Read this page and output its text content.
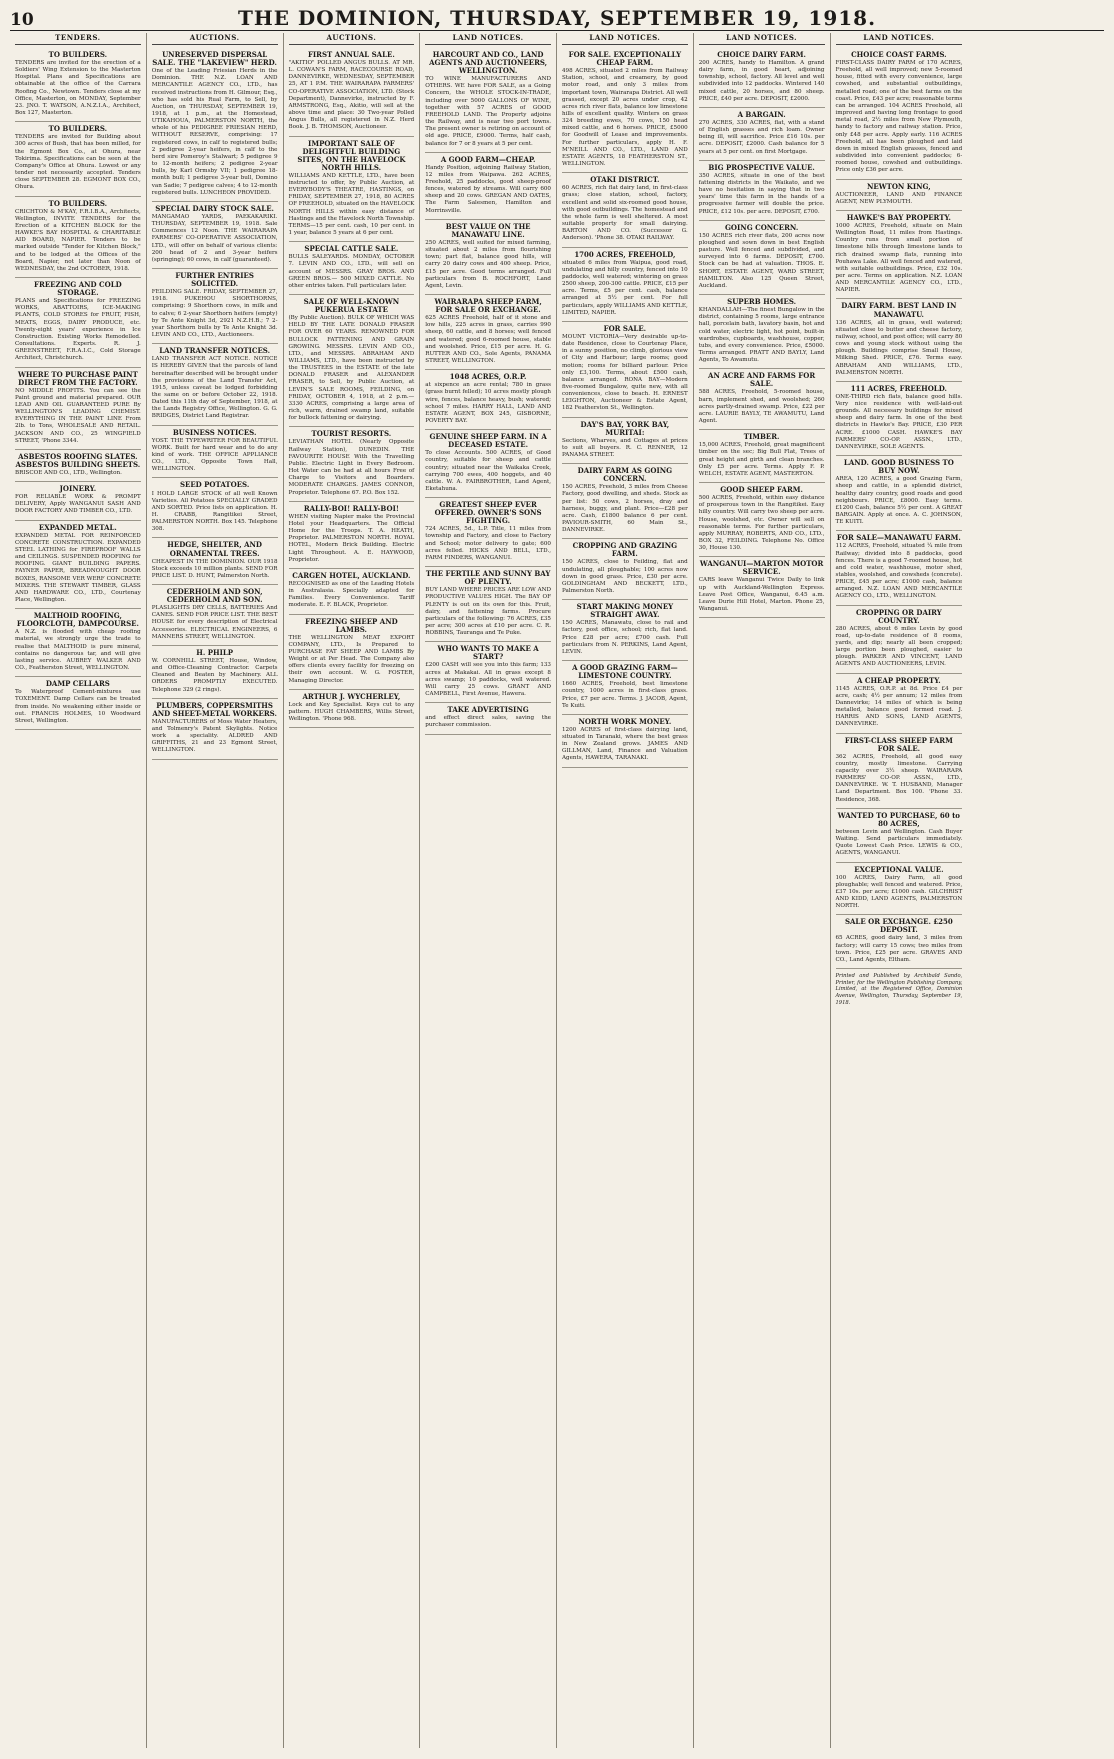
10	THE DOMINION, THURSDAY, SEPTEMBER 19, 1918.
TENDERS.
TO BUILDERS.

TENDERS are invited for the erection of a Soldiers' Wing Extension to the Masterton Hospital. Plans and Specifications are obtainable at the office of the Carrara Roofing Co., Newtown. Tenders close at my Office, Masterton, on MONDAY, September 23. JNO. T. WATSON, A.N.Z.I.A., Architect, Box 127, Masterton.

TO BUILDERS.

TENDERS are invited for Building about 300 acres of Bush, that has been milled, for the Egmont Box Co., at Ohura, near Tokirima. Specifications can be seen at the Company's Office at Ohura. Lowest or any tender not necessarily accepted. Tenders close SEPTEMBER 28. EGMONT BOX CO., Ohura.

TO BUILDERS.

CRICHTON & M'KAY, F.R.I.B.A., Architects, Wellington, INVITE TENDERS for the Erection of a KITCHEN BLOCK for the HAWKE'S BAY HOSPITAL & CHARITABLE AID BOARD, NAPIER. Tenders to be marked outside "Tender for Kitchen Block," and to be lodged at the Offices of the Board, Napier, not later than Noon of WEDNESDAY, the 2nd OCTOBER, 1918.

FREEZING AND COLD STORAGE.

PLANS and Specifications for FREEZING WORKS, ABATTOIRS, ICE-MAKING PLANTS, COLD STORES for FRUIT, FISH, MEATS, EGGS, DAIRY PRODUCE, etc. Twenty-eight years' experience in Ice Construction. Existing Works Remodelled. Consultations. Experts. R. J. GREENSTREET, F.R.A.I.C., Cold Storage Architect, Christchurch.

WHERE TO PURCHASE PAINT DIRECT FROM THE FACTORY.

NO MIDDLE PROFITS. You can see the Paint ground and material prepared. OUR LEAD AND OIL GUARANTEED PURE By WELLINGTON'S LEADING CHEMIST. EVERYTHING IN THE PAINT LINE From 2lb. to Tons, WHOLESALE AND RETAIL. JACKSON AND CO., 25 WINGFIELD STREET, 'Phone 3344.

ASBESTOS ROOFING SLATES. ASBESTOS BUILDING SHEETS.

BRISCOE AND CO., LTD., Wellington.

JOINERY.

FOR RELIABLE WORK & PROMPT DELIVERY, Apply WANGANUI SASH AND DOOR FACTORY AND TIMBER CO., LTD.

EXPANDED METAL.

EXPANDED METAL FOR REINFORCED CONCRETE CONSTRUCTION. EXPANDED STEEL LATHING for FIREPROOF WALLS and CEILINGS. SUSPENDED ROOFING for ROOFING. GIANT BUILDING PAPERS. FAYNER PAPER, BREADNOUGHT DOOR BOXES, RANSOME VER WERF CONCRETE MIXERS. THE STEWART TIMBER, GLASS AND HARDWARE CO., LTD., Courtenay Place, Wellington.

MALTHOID ROOFING, FLOORCLOTH, DAMPCOURSE.

A N.Z. is flooded with cheap roofing material, we strongly urge the trade to realise that MALTHOID is pure mineral, contains no dangerous tar, and will give lasting service. AUBREY WALKER AND CO., Featherston Street, WELLINGTON.

DAMP CELLARS

To Waterproof Cement-mixtures use TOXEMENT. Damp Cellars can be treated from inside. No weakening either inside or out. FRANCIS HOLMES, 10 Woodward Street, Wellington.

AUCTIONS.
UNRESERVED DISPERSAL SALE. THE "LAKEVIEW" HERD.

One of the Leading Friesian Herds in the Dominion. THE N.Z. LOAN AND MERCANTILE AGENCY CO., LTD., has received instructions from H. Gilmour, Esq., who has sold his Rual Farm, to Sell, by Auction, on THURSDAY, SEPTEMBER 19, 1918, at 1 p.m., at the Homestead, UTIKAHOUA, PALMERSTON NORTH, the whole of his PEDIGREE FRIESIAN HERD, WITHOUT RESERVE, comprising: 17 registered cows, in calf to registered bulls; 2 pedigree 2-year heifers, in calf to the herd sire Pomeroy's Stalwart; 5 pedigree 9 to 12-month heifers; 2 pedigree 2-year bulls, by Karl Ormsby VII; 1 pedigree 18-month bull; 1 pedigree 3-year bull, Domino van Sadie; 7 pedigree calves; 4 to 12-month registered bulls. LUNCHEON PROVIDED.

SPECIAL DAIRY STOCK SALE.

MANGAMAO YARDS, PAEKAKARIKI. THURSDAY, SEPTEMBER 19, 1918. Sale Commences 12 Noon. THE WAIRARAPA FARMERS' CO-OPERATIVE ASSOCIATION, LTD., will offer on behalf of various clients: 200 head of 2 and 3-year heifers (springing); 60 cows, in calf (guaranteed).

FURTHER ENTRIES SOLICITED.

FEILDING SALE. FRIDAY, SEPTEMBER 27, 1918. PUKEHOU SHORTHORNS, comprising: 9 Shorthorn cows, in milk and to calve; 6 2-year Shorthorn heifers (empty) by Te Ante Knight 3d, 2921 N.Z.H.B.; 7 2-year Shorthorn bulls by Te Ante Knight 3d. LEVIN AND CO., LTD., Auctioneers.

LAND TRANSFER NOTICES.

LAND TRANSFER ACT NOTICE. NOTICE IS HEREBY GIVEN that the parcels of land hereinafter described will be brought under the provisions of the Land Transfer Act, 1915, unless caveat be lodged forbidding the same on or before October 22, 1918. Dated this 11th day of September, 1918, at the Lands Registry Office, Wellington. G. G. BRIDGES, District Land Registrar.

BUSINESS NOTICES.

YOST. THE TYPEWRITER FOR BEAUTIFUL WORK. Built for hard wear and to do any kind of work. THE OFFICE APPLIANCE CO., LTD., Opposite Town Hall, WELLINGTON.

SEED POTATOES.

I HOLD LARGE STOCK of all well Known Varieties. All Potatoes SPECIALLY GRADED AND SORTED. Price lists on application. H. H. CRABB, Rangitikei Street, PALMERSTON NORTH. Box 145. Telephone 308.

HEDGE, SHELTER, AND ORNAMENTAL TREES.

CHEAPEST IN THE DOMINION. OUR 1918 Stock exceeds 10 million plants. SEND FOR PRICE LIST. D. HUNT, Palmerston North.

CEDERHOLM AND SON, CEDERHOLM AND SON.

PLASLIGHTS DRY CELLS, BATTERIES And CANES. SEND FOR PRICE LIST. THE BEST HOUSE for every description of Electrical Accessories. ELECTRICAL ENGINEERS, 6 MANNERS STREET, WELLINGTON.

H. PHILP

W. CORNHILL STREET, House, Window, and Office-Cleaning Contractor. Carpets Cleaned and Beaten by Machinery. ALL ORDERS PROMPTLY EXECUTED. Telephone 329 (2 rings).

PLUMBERS, COPPERSMITHS AND SHEET-METAL WORKERS.

MANUFACTURERS of Moss Water Heaters, and Tolmenry's Patent Skylights. Notice work a speciality. ALDRED AND GRIFFITHS, 21 and 23 Egmont Street, WELLINGTON.

AUCTIONS.
FIRST ANNUAL SALE.

"AKITIO" POLLED ANGUS BULLS. AT MR. L. COWAN'S FARM, RACECOURSE ROAD, DANNEVIRKE, WEDNESDAY, SEPTEMBER 25, AT 1 P.M. THE WAIRARAPA FARMERS' CO-OPERATIVE ASSOCIATION, LTD. (Stock Department), Dannevirke, instructed by F. ARMSTRONG, Esq., Akitio, will sell at the above time and place: 30 Two-year Polled Angus Bulls, all registered in N.Z. Herd Book. J. B. THOMSON, Auctioneer.

IMPORTANT SALE OF DELIGHTFUL BUILDING SITES, ON THE HAVELOCK NORTH HILLS.

WILLIAMS AND KETTLE, LTD., have been instructed to offer, by Public Auction, at EVERYBODY'S THEATRE, HASTINGS, on FRIDAY, SEPTEMBER 27, 1918, 80 ACRES OF FREEHOLD, situated on the HAVELOCK NORTH HILLS within easy distance of Hastings and the Havelock North Township. TERMS—15 per cent. cash, 10 per cent. in 1 year, balance 5 years at 6 per cent.

SPECIAL CATTLE SALE.

BULLS SALEYARDS. MONDAY, OCTOBER 7. LEVIN AND CO., LTD., will sell on account of MESSRS. GRAY BROS. AND GREEN BROS.— 500 MIXED CATTLE. No other entries taken. Full particulars later.

SALE OF WELL-KNOWN PUKERUA ESTATE

(By Public Auction). BULK OF WHICH WAS HELD BY THE LATE DONALD FRASER FOR OVER 60 YEARS. RENOWNED FOR BULLOCK FATTENING AND GRAIN GROWING. MESSRS. LEVIN AND CO., LTD., and MESSRS. ABRAHAM AND WILLIAMS, LTD., have been instructed by the TRUSTEES in the ESTATE of the late DONALD FRASER and ALEXANDER FRASER, to Sell, by Public Auction, at LEVIN'S SALE ROOMS, FEILDING, on FRIDAY, OCTOBER 4, 1918, at 2 p.m.— 3330 ACRES, comprising a large area of rich, warm, drained swamp land, suitable for bullock fattening or dairying.

TOURIST RESORTS.

LEVIATHAN HOTEL (Nearly Opposite Railway Station), DUNEDIN. THE FAVOURITE HOUSE With the Travelling Public. Electric Light in Every Bedroom. Hot Water can be had at all hours Free of Charge to Visitors and Boarders. MODERATE CHARGES. JAMES CONNOR, Proprietor. Telephone 67. P.O. Box 152.

RALLY-BOI! RALLY-BOI!

WHEN visiting Napier make the Provincial Hotel your Headquarters. The Official Home for the Troops. T. A. HEATH, Proprietor. PALMERSTON NORTH. ROYAL HOTEL, Modern Brick Building. Electric Light Throughout. A. E. HAYWOOD, Proprietor.

CARGEN HOTEL, AUCKLAND.

RECOGNISED as one of the Leading Hotels in Australasia. Specially adapted for Families. Every Convenience. Tariff moderate. E. F. BLACK, Proprietor.

FREEZING SHEEP AND LAMBS.

THE WELLINGTON MEAT EXPORT COMPANY, LTD., Is Prepared to PURCHASE FAT SHEEP AND LAMBS By Weight or at Per Head. The Company also offers clients every facility for freezing on their own account. W. G. FOSTER, Managing Director.

ARTHUR J. WYCHERLEY,

Lock and Key Specialist. Keys cut to any pattern. HUGH CHAMBERS, Willis Street, Wellington. 'Phone 968.

LAND NOTICES.
HARCOURT AND CO., LAND AGENTS AND AUCTIONEERS, WELLINGTON.

TO WINE MANUFACTURERS AND OTHERS. WE have FOR SALE, as a Going Concern, the WHOLE STOCK-IN-TRADE, including over 5000 GALLONS OF WINE, together with 57 ACRES of GOOD FREEHOLD LAND. The Property adjoins the Railway, and is near two port towns. The present owner is retiring on account of old age. PRICE, £9000. Terms, half cash, balance for 7 or 8 years at 5 per cent.

A GOOD FARM—CHEAP.

Handy Position, adjoining Railway Station, 12 miles from Waipawa. 262 ACRES, Freehold, 25 paddocks, good sheep-proof fences, watered by streams. Will carry 600 sheep and 20 cows. GREGAN AND OATES, The Farm Salesmen, Hamilton and Morrinsville.

BEST VALUE ON THE MANAWATU LINE.

250 ACRES, well suited for mixed farming, situated about 2 miles from flourishing town; part flat, balance good hills, will carry 20 dairy cows and 400 sheep. Price, £15 per acre. Good terms arranged. Full particulars from B. ROCHFORT, Land Agent, Levin.

WAIRARAPA SHEEP FARM, FOR SALE OR EXCHANGE.

625 ACRES Freehold, half of it stone and low hills, 225 acres in grass, carries 990 sheep, 60 cattle, and 8 horses; well fenced and watered; good 6-roomed house, stable and woolshed. Price, £15 per acre. H. G. RUTTER AND CO., Sole Agents, PANAMA STREET, WELLINGTON.

1048 ACRES, O.R.P.

at sixpence an acre rental; 780 in grass (grass burnt felled); 10 acres mostly plough wire, fences, balance heavy, bush; watered; school 7 miles. HARRY HALL, LAND AND ESTATE AGENT, BOX 245, GISBORNE, POVERTY BAY.

GENUINE SHEEP FARM. IN A DECEASED ESTATE.

To close Accounts. 500 ACRES, of Good country, suitable for sheep and cattle country; situated near the Waikaka Creek, carrying 700 ewes, 400 hoggets, and 40 cattle. W. A. FAIRBROTHER, Land Agent, Eketahuna.

GREATEST SHEEP EVER OFFERED. OWNER'S SONS FIGHTING.

724 ACRES, 5d., L.P. Title, 11 miles from township and Factory, and close to Factory and School; motor delivery to gate; 600 acres felled. HICKS AND BELL, LTD., FARM FINDERS, WANGANUI.

THE FERTILE AND SUNNY BAY OF PLENTY.

BUY LAND WHERE PRICES ARE LOW AND PRODUCTIVE VALUES HIGH. The BAY OF PLENTY is out on its own for this. Fruit, dairy, and fattening farms. Procure particulars of the following: 76 ACRES, £35 per acre; 300 acres at £10 per acre. C. R. ROBBINS, Tauranga and Te Puke.

WHO WANTS TO MAKE A START?

£200 CASH will see you into this farm; 133 acres at Makakai. All in grass except 8 acres swamp; 10 paddocks, well watered. Will carry 25 cows. GRANT AND CAMPBELL, First Avenue, Hawera.

TAKE ADVERTISING

and effect direct sales, saving the purchaser commission.

LAND NOTICES.
FOR SALE. EXCEPTIONALLY CHEAP FARM.

498 ACRES, situated 2 miles from Railway Station, school, and creamery, by good motor road, and only 3 miles from important town, Wairarapa District. All well grassed, except 20 acres under crop, 42 acres rich river flats, balance low limestone hills of excellent quality. Winters on grass 324 breeding ewes, 70 cows, 150 head mixed cattle, and 6 horses. PRICE, £5000 for Goodwill of Lease and improvements. For further particulars, apply H. F. M'NEILL AND CO., LTD., LAND AND ESTATE AGENTS, 18 FEATHERSTON ST., WELLINGTON.

OTAKI DISTRICT.

60 ACRES, rich flat dairy land, in first-class grass; close station, school, factory, excellent and solid six-roomed good house, with good outbuildings. The homestead and the whole farm is well sheltered. A most suitable property for small dairying. BARTON AND CO. (Successor G. Anderson). 'Phone 38. OTAKI RAILWAY.

1700 ACRES, FREEHOLD,

situated 6 miles from Waipua, good road, undulating and hilly country, fenced into 10 paddocks, well watered; wintering on grass 2500 sheep, 200-300 cattle. PRICE, £15 per acre. Terms, £5 per cent. cash, balance arranged at 5½ per cent. For full particulars, apply WILLIAMS AND KETTLE, LIMITED, NAPIER.

FOR SALE.

MOUNT VICTORIA—Very desirable up-to-date Residence, close to Courtenay Place, in a sunny position, no climb, glorious view of City and Harbour; large rooms; good motion; rooms for billiard parlour. Price only £3,100. Terms, about £500 cash, balance arranged. RONA BAY—Modern five-roomed Bungalow, quite new, with all conveniences, close to beach. H. ERNEST LEIGHTON, Auctioneer & Estate Agent, 182 Featherston St., Wellington.

DAY'S BAY, YORK BAY, MURITAI:

Sections, Wharves, and Cottages at prices to suit all buyers. R. C. RENNER, 12 PANAMA STREET.

DAIRY FARM AS GOING CONCERN.

150 ACRES, Freehold, 3 miles from Cheese Factory, good dwelling, and sheds. Stock as per list: 50 cows, 2 horses, dray and harness, buggy, and plant. Price—£28 per acre. Cash, £1800 balance 6 per cent. PAVIOUR-SMITH, 60 Main St., DANNEVIRKE.

CROPPING AND GRAZING FARM.

150 ACRES, close to Feilding, flat and undulating, all ploughable; 100 acres now down in good grass. Price, £30 per acre. GOLDINGHAM AND BECKETT, LTD., Palmerston North.

START MAKING MONEY STRAIGHT AWAY.

150 ACRES, Manawatu, close to rail and factory, post office, school; rich, flat land. Price £28 per acre; £700 cash. Full particulars from N. PERKINS, Land Agent, LEVIN.

A GOOD GRAZING FARM—LIMESTONE COUNTRY.

1660 ACRES, Freehold, best limestone country, 1000 acres in first-class grass. Price, £7 per acre. Terms. J. JACOB, Agent, Te Kuiti.

NORTH WORK MONEY.

1200 ACRES of first-class dairying land, situated in Taranaki, where the best grass in New Zealand grows. JAMES AND GILLMAN, Land, Finance and Valuation Agents, HAWERA, TARANAKI.

LAND NOTICES.
CHOICE DAIRY FARM.

200 ACRES, handy to Hamilton. A grand dairy farm, in good heart, adjoining township, school, factory. All level and well subdivided into 12 paddocks. Wintered 140 mixed cattle, 20 horses, and 80 sheep. PRICE, £40 per acre. DEPOSIT, £2000.

A BARGAIN.

270 ACRES, 330 ACRES, flat, with a stand of English grasses and rich loam. Owner being ill, will sacrifice. Price £16 10s. per acre. DEPOSIT, £2000. Cash balance for 5 years at 5 per cent. on first Mortgage.

BIG PROSPECTIVE VALUE.

350 ACRES, situate in one of the best fattening districts in the Waikato, and we have no hesitation in saying that in two years' time this farm in the hands of a progressive farmer will double the price. PRICE, £12 10s. per acre. DEPOSIT, £700.

GOING CONCERN.

150 ACRES rich river flats, 200 acres now ploughed and sown down in best English pasture. Well fenced and subdivided, and surveyed into 6 farms. DEPOSIT, £700. Stock can be had at valuation. THOS. E. SHORT, ESTATE AGENT, WARD STREET, HAMILTON. Also 125 Queen Street, Auckland.

SUPERB HOMES.

KHANDALLAH—The finest Bungalow in the district, containing 5 rooms, large entrance hall, porcelain bath, lavatory basin, hot and cold water, electric light, hot point, built-in wardrobes, cupboards, washhouse, copper, tubs, and every convenience. Price, £5000. Terms arranged. PRATT AND BAYLY, Land Agents, To Awamutu.

AN ACRE AND FARMS FOR SALE.

588 ACRES, Freehold, 5-roomed house, barn, implement shed, and woolshed; 260 acres partly-drained swamp. Price, £22 per acre. LAURIE BAYLY, TE AWAMUTU, Land Agent.

TIMBER.

15,000 ACRES, Freehold, great magnificent timber on the sec; Big Bull Flat, Trees of great height and girth and clean branches. Only £5 per acre. Terms. Apply F. P. WELCH, ESTATE AGENT, MASTERTON.

GOOD SHEEP FARM.

500 ACRES, Freehold, within easy distance of prosperous town in the Rangitikei. Easy hilly country. Will carry two sheep per acre. House, woolshed, etc. Owner will sell on reasonable terms. For further particulars, apply MURRAY, ROBERTS, AND CO., LTD., BOX 32, FEILDING. Telephone No. Office 30, House 130.

WANGANUI—MARTON MOTOR SERVICE.

CARS leave Wanganui Twice Daily to link up with Auckland-Wellington Express. Leave Post Office, Wanganui, 6.45 a.m. Leave Durie Hill Hotel, Marton. Phone 25, Wanganui.

LAND NOTICES.
CHOICE COAST FARMS.

FIRST-CLASS DAIRY FARM of 170 ACRES, Freehold, all well improved; new 5-roomed house, fitted with every convenience, large cowshed, and substantial outbuildings, metalled road; one of the best farms on the coast. Price, £43 per acre; reasonable terms can be arranged. 104 ACRES Freehold, all improved and having long frontage to good metal road, 2½ miles from New Plymouth, handy to factory and railway station. Price, only £48 per acre. Apply early. 116 ACRES Freehold, all has been ploughed and laid down in mixed English grasses, fenced and subdivided into convenient paddocks; 6-roomed house, cowshed and outbuildings. Price only £36 per acre.

NEWTON KING,

AUCTIONEER, LAND AND FINANCE AGENT, NEW PLYMOUTH.

HAWKE'S BAY PROPERTY.

1000 ACRES, Freehold, situate on Main Wellington Road, 11 miles from Hastings. Country runs from small portion of limestone hills through limestone lands to rich drained swamp flats, running into Pouhawa Lake. All well fenced and watered, with suitable outbuildings. Price, £32 10s. per acre. Terms on application. N.Z. LOAN AND MERCANTILE AGENCY CO., LTD., NAPIER.

DAIRY FARM. BEST LAND IN MANAWATU.

136 ACRES, all in grass, well watered; situated close to butter and cheese factory, railway, school, and post office; will carry 80 cows and young stock without using the plough. Buildings comprise Small House, Milking Shed. PRICE, £76. Terms easy. ABRAHAM AND WILLIAMS, LTD., PALMERSTON NORTH.

111 ACRES, FREEHOLD.

ONE-THIRD rich flats, balance good hills. Very nice residence with well-laid-out grounds. All necessary buildings for mixed sheep and dairy farm. In one of the best districts in Hawke's Bay. PRICE, £30 PER ACRE. £1000 CASH. HAWKE'S BAY FARMERS' CO-OP. ASSN., LTD., DANNEVIRKE, SOLE AGENTS.

LAND. GOOD BUSINESS TO BUY NOW.

AREA, 120 ACRES, a good Grazing Farm, sheep and cattle, in a splendid district, healthy dairy country, good roads and good neighbours. PRICE, £8000. Easy terms. £1200 Cash, balance 5½ per cent. A GREAT BARGAIN. Apply at once. A. C. JOHNSON, TE KUITI.

FOR SALE—MANAWATU FARM.

112 ACRES, Freehold, situated ¼ mile from Railway; divided into 8 paddocks, good fences. There is a good 7-roomed house, hot and cold water, washhouse, motor shed, stables, woolshed, and cowsheds (concrete). PRICE, £45 per acre; £1000 cash, balance arranged. N.Z. LOAN AND MERCANTILE AGENCY CO., LTD., WELLINGTON.

CROPPING OR DAIRY COUNTRY.

280 ACRES, about 6 miles Levin by good road, up-to-date residence of 8 rooms, yards, and dip; nearly all been cropped; large portion been ploughed, easier to plough. PARKER AND VINCENT, LAND AGENTS AND AUCTIONEERS, LEVIN.

A CHEAP PROPERTY.

1145 ACRES, O.R.P. at 8d. Price £4 per acre, cash; 4½ per annum; 12 miles from Dannevirke; 14 miles of which is being metalled, balance good formed road. J. HARRIS AND SONS, LAND AGENTS, DANNEVIRKE.

FIRST-CLASS SHEEP FARM FOR SALE.

362 ACRES, Freehold, all good easy country, mostly limestone. Carrying capacity over 3½ sheep. WAIRARAPA FARMERS' CO-OP. ASSN., LTD., DANNEVIRKE. W. T. HUSBAND, Manager Land Department. Box 100. 'Phone 33. Residence, 368.

WANTED TO PURCHASE, 60 to 80 ACRES,

between Levin and Wellington. Cash Buyer Waiting. Send particulars immediately. Quote Lowest Cash Price. LEWIS & CO., AGENTS, WANGANUI.

EXCEPTIONAL VALUE.

100 ACRES, Dairy Farm, all good ploughable; well fenced and watered. Price, £37 10s. per acre; £1000 cash. GILCHRIST AND KIDD, LAND AGENTS, PALMERSTON NORTH.

SALE OR EXCHANGE. £250 DEPOSIT.

65 ACRES, good dairy land, 3 miles from factory; will carry 15 cows; two miles from town. Price, £25 per acre. GRAVES AND CO., Land Agents, Eltham.

Printed and Published by Archibald Sando, Printer, for the Wellington Publishing Company, Limited, at the Registered Office, Dominion Avenue, Wellington, Thursday, September 19, 1918.
